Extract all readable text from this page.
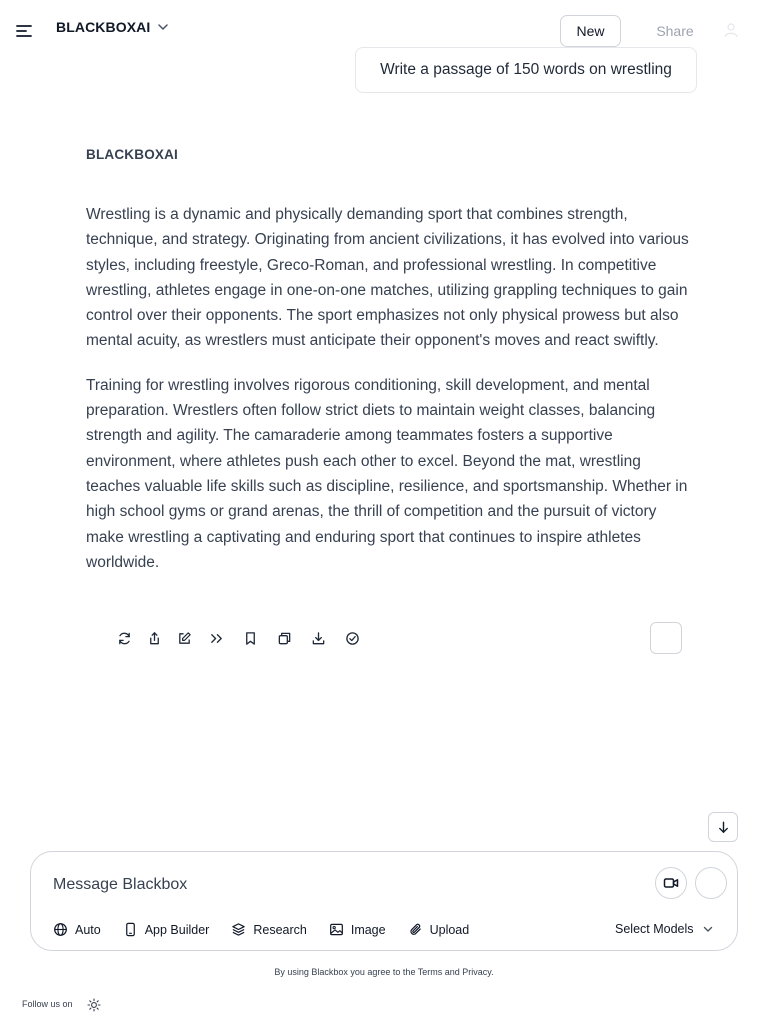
BLACKBOXAI	New	Share
Write a passage of 150 words on wrestling
BLACKBOXAI

Wrestling is a dynamic and physically demanding sport that combines strength, technique, and strategy. Originating from ancient civilizations, it has evolved into various styles, including freestyle, Greco-Roman, and professional wrestling. In competitive wrestling, athletes engage in one-on-one matches, utilizing grappling techniques to gain control over their opponents. The sport emphasizes not only physical prowess but also mental acuity, as wrestlers must anticipate their opponent's moves and react swiftly.

Training for wrestling involves rigorous conditioning, skill development, and mental preparation. Wrestlers often follow strict diets to maintain weight classes, balancing strength and agility. The camaraderie among teammates fosters a supportive environment, where athletes push each other to excel. Beyond the mat, wrestling teaches valuable life skills such as discipline, resilience, and sportsmanship. Whether in high school gyms or grand arenas, the thrill of competition and the pursuit of victory make wrestling a captivating and enduring sport that continues to inspire athletes worldwide.

Message Blackbox
Auto	App Builder	Research	Image	Upload	Select Models
By using Blackbox you agree to the Terms and Privacy.
Follow us on
